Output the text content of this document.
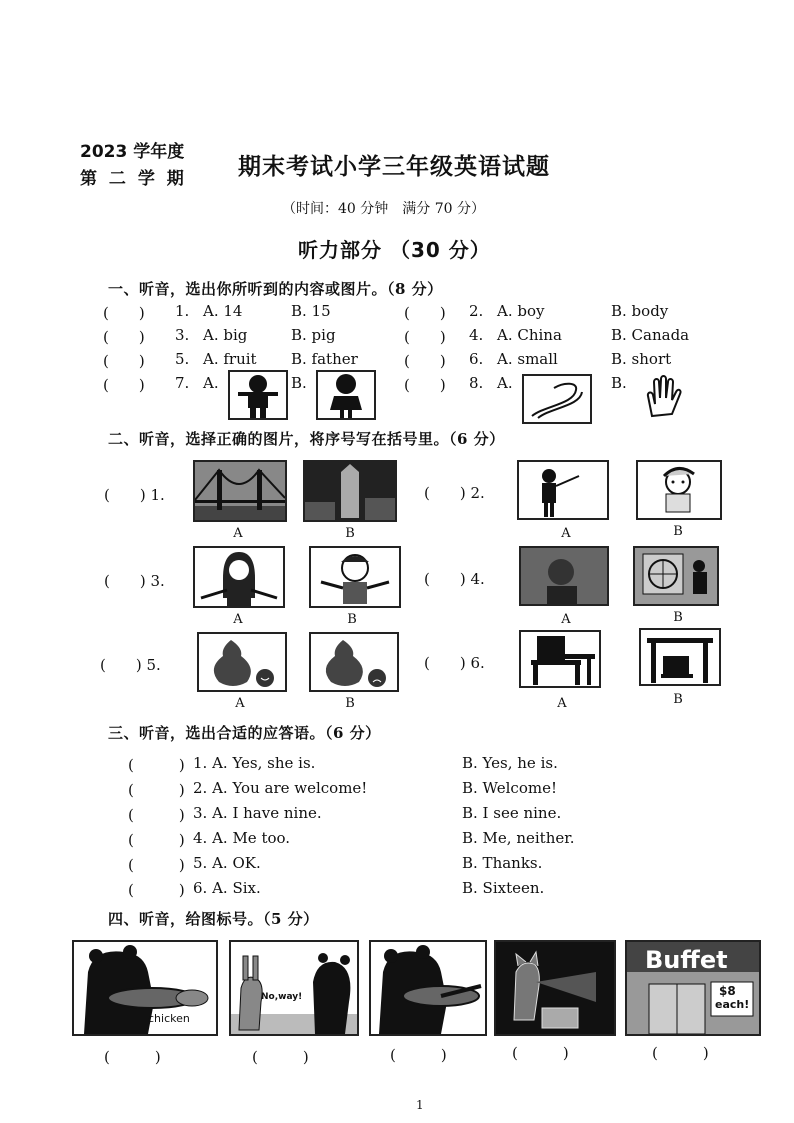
2023 学年度
第 二 学 期 期末考试小学三年级英语试题
（时间：40 分钟　满分 70 分）
听力部分 （30 分）
一、听音，选出你所听到的内容或图片。（8 分）
(　　) 1. A. 14	B. 15	(　　) 2. A. boy	B. body
(　　) 3. A. big	B. pig	(　　) 4. A. China	B. Canada
(　　) 5. A. fruit B. father	(　　) 6. A. small	B. short
(　　) 7. A.	B.	(　　) 8. A.	B.
二、听音，选择正确的图片，将序号写在括号里。（6 分）
(　　) 1.
A	B
(　　) 2.
A	B
(　　) 3.
A	B
(　　) 4.
A	B
(　　) 5.
A	B
(　　) 6.
A	B
三、听音，选出合适的应答语。（6 分）
(　　　) 1. A. Yes, she is.	B. Yes, he is.
(　　　) 2. A. You are welcome!	B. Welcome!
(　　　) 3. A. I have nine.	B. I see nine.
(　　　) 4. A. Me too.	B. Me, neither.
(　　　) 5. A. OK.	B. Thanks.
(　　　) 6. A. Six.	B. Sixteen.
四、听音，给图标号。（5 分）
chicken
No,way!
Buffet
$8
each!
(　　　)	(　　　)	(　　　)	(　　　)	(　　　)
1
